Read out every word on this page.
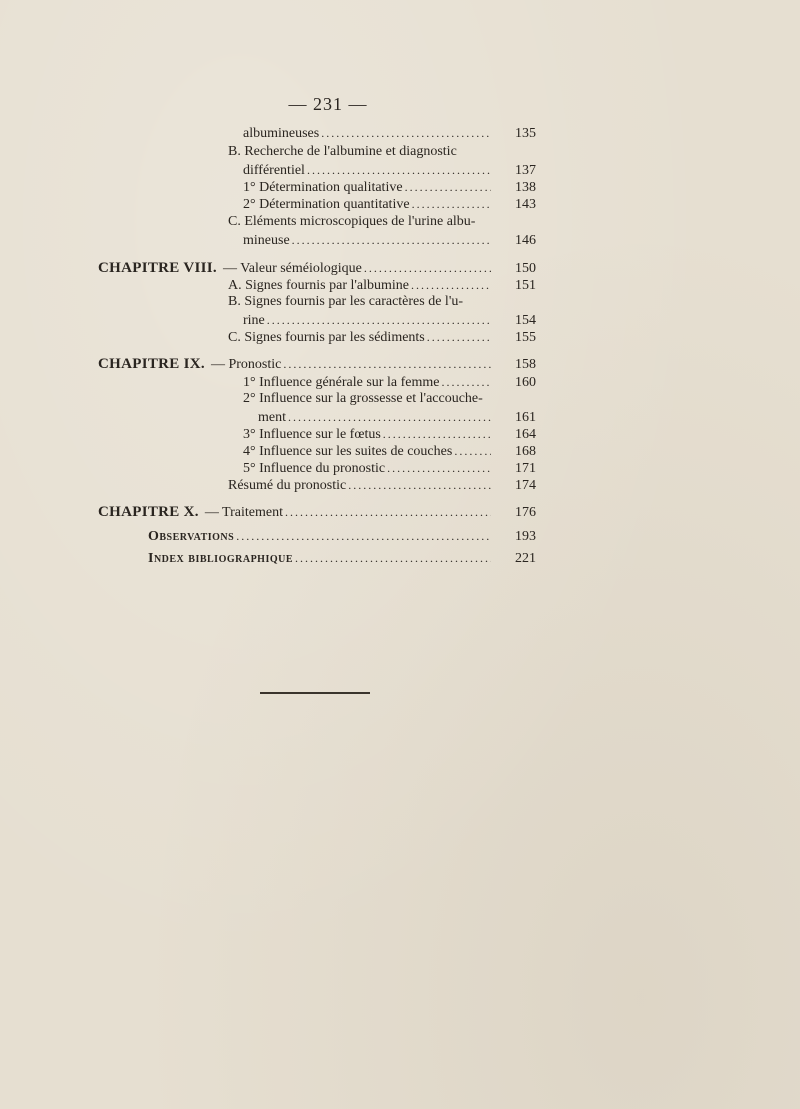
— 231 —
albumineuses .....	135
B. Recherche de l'albumine et diagnostic
différentiel .....	137
1° Détermination qualitative .....	138
2° Détermination quantitative .....	143
C. Eléments microscopiques de l'urine albu-
mineuse .....	146
CHAPITRE VIII. — Valeur séméiologique .....	150
A. Signes fournis par l'albumine .....	151
B. Signes fournis par les caractères de l'u-
rine .....	154
C. Signes fournis par les sédiments .....	155
CHAPITRE IX. — Pronostic .....	158
1° Influence générale sur la femme .....	160
2° Influence sur la grossesse et l'accouche-
ment .....	161
3° Influence sur le fœtus .....	164
4° Influence sur les suites de couches .....	168
5° Influence du pronostic .....	171
Résumé du pronostic .....	174
CHAPITRE X. — Traitement .....	176
Observations .....	193
Index bibliographique .....	221
